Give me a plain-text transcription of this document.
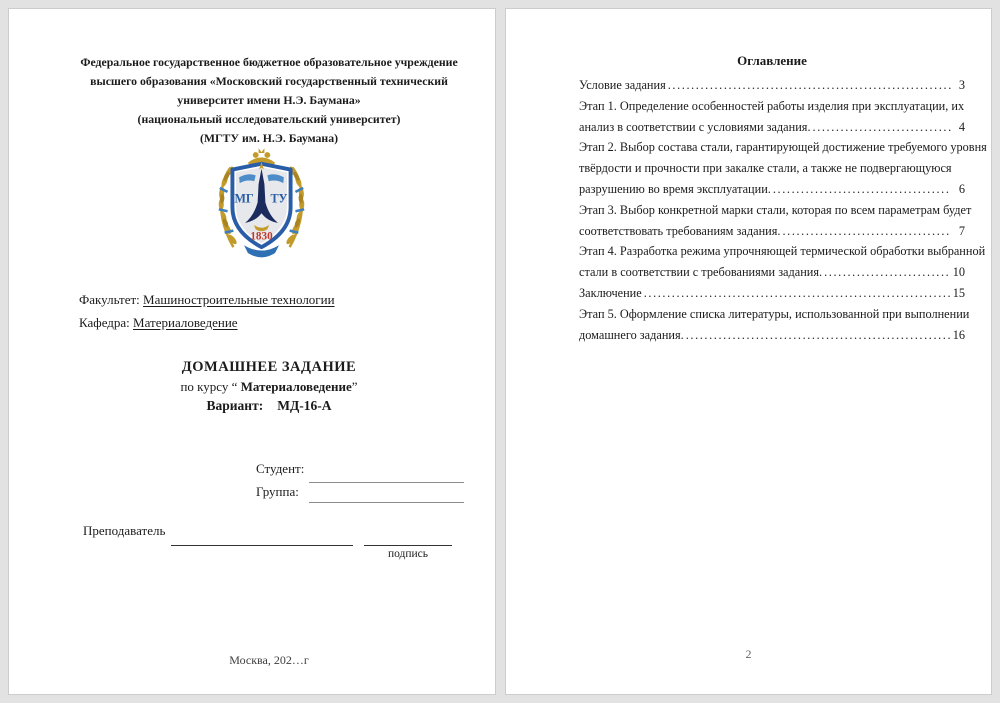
Федеральное государственное бюджетное образовательное учреждение
высшего образования «Московский государственный технический
университет имени Н.Э. Баумана»
(национальный исследовательский университет)
(МГТУ им. Н.Э. Баумана)
МГ ТУ
1830
Факультет: Машиностроительные технологии
Кафедра: Материаловедение
ДОМАШНЕЕ ЗАДАНИЕ
по курсу “ Материаловедение”
Вариант: МД-16-А
Студент:
Группа:
Преподаватель
подпись
Москва, 202…г
Оглавление
Условие задания .....	3
Этап 1. Определение особенностей работы изделия при эксплуатации, их
анализ в соответствии с условиями задания. .....	4
Этап 2. Выбор состава стали, гарантирующей достижение требуемого уровня
твёрдости и прочности при закалке стали, а также не подвергающуюся
разрушению во время эксплуатации. .....	6
Этап 3. Выбор конкретной марки стали, которая по всем параметрам будет
соответствовать требованиям задания. .....	7
Этап 4. Разработка режима упрочняющей термической обработки выбранной
стали в соответствии с требованиями задания. .....	10
Заключение .....	15
Этап 5. Оформление списка литературы, использованной при выполнении
домашнего задания. .....	16
2
